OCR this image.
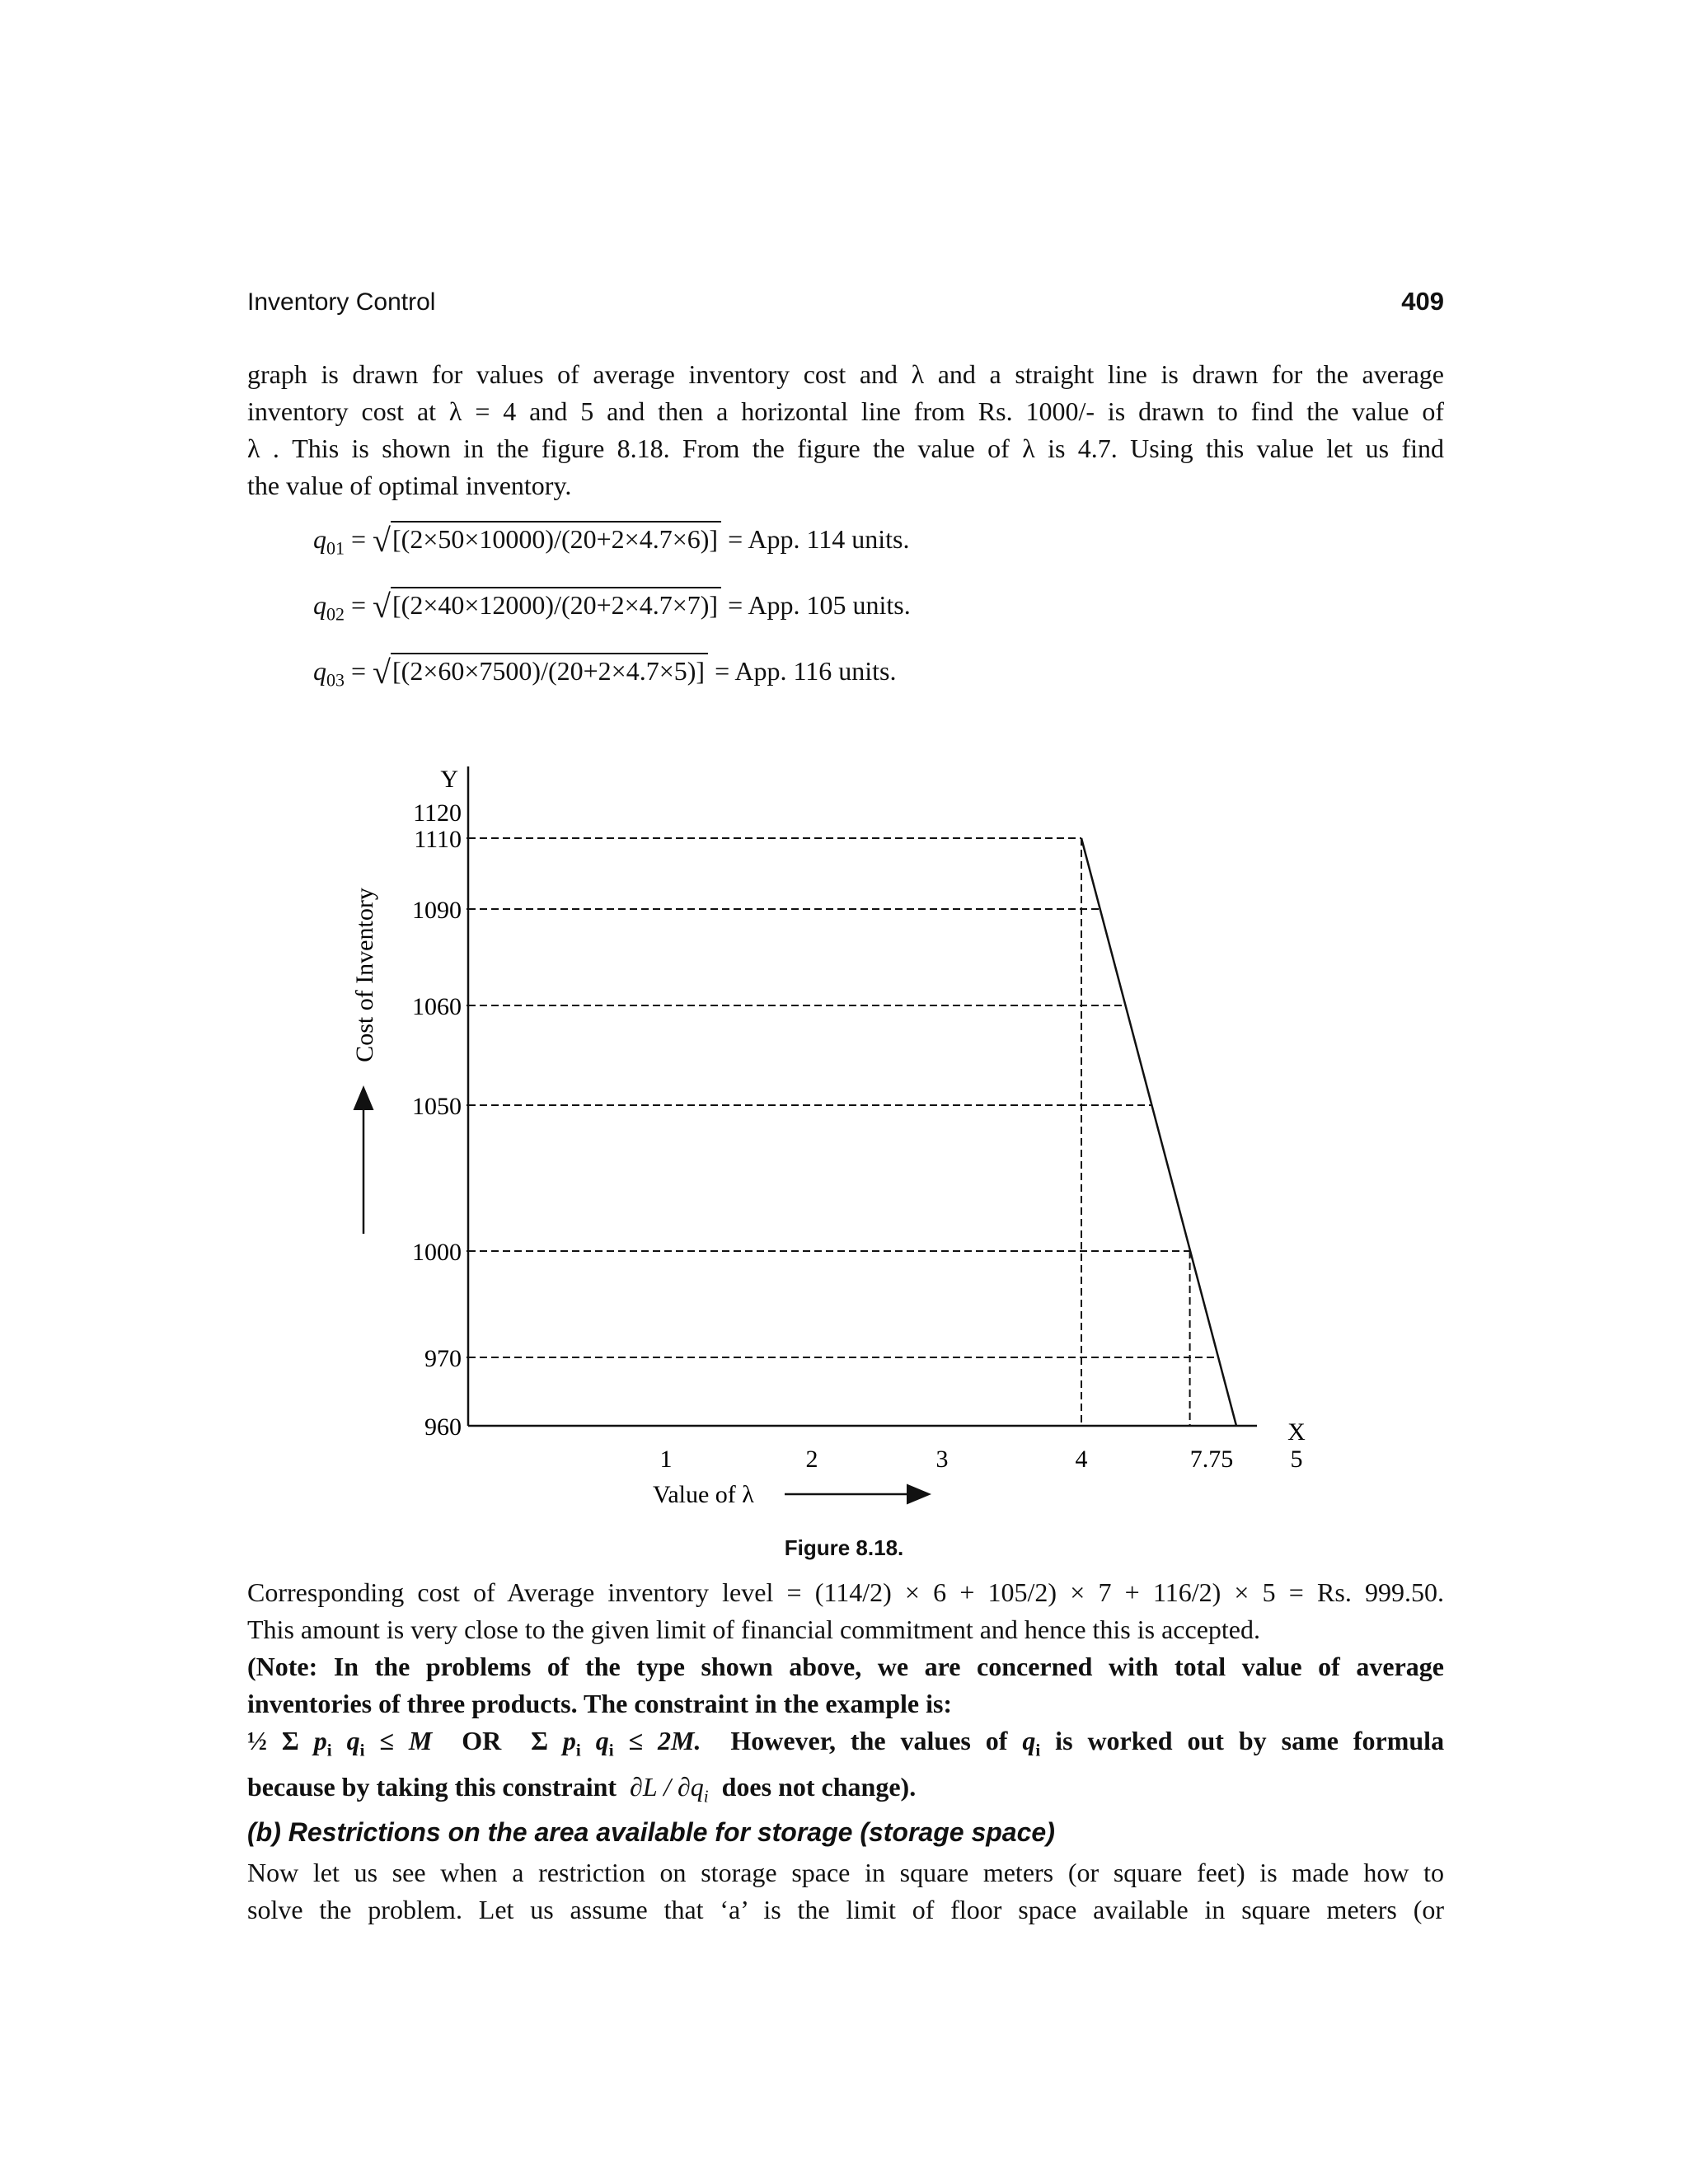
Inventory Control	409
graph is drawn for values of average inventory cost and λ and a straight line is drawn for the average
inventory cost at λ = 4 and 5 and then a horizontal line from Rs. 1000/- is drawn to find the value of
λ . This is shown in the figure 8.18. From the figure the value of λ is 4.7. Using this value let us find
the value of optimal inventory.
$q_{01} = √[(2\times 50\times 10000)/(20+2\times 4.7\times 6)]$ = App. 114 units.
$q_{02} = √[(2\times 40\times 12000)/(20+2\times 4.7\times 7)]$ = App. 105 units.
$q_{03} = √[(2\times 60\times 7500)/(20+2\times 4.7\times 5)]$ = App. 116 units.
1120
1110
1090
1060
1050
1000
970
960
1	2	3	4	7.75 5
Y
X
Value of λ
Cost of Inventory
Figure 8.18.
Corresponding cost of Average inventory level = (114/2) × 6 + 105/2) × 7 + 116/2) × 5 = Rs. 999.50.
This amount is very close to the given limit of financial commitment and hence this is accepted.
(Note: In the problems of the type shown above, we are concerned with total value of average
inventories of three products. The constraint in the example is:
½ Σ $p_i$ $q_i \le M$ OR Σ $p_i$ $q_i \le 2M$. However, the values of $q_i$ is worked out by same formula
because by taking this constraint $\partial L / \partial q_i$ does not change).
(b) Restrictions on the area available for storage (storage space)
Now let us see when a restriction on storage space in square meters (or square feet) is made how to
solve the problem. Let us assume that ‘a’ is the limit of floor space available in square meters (or
